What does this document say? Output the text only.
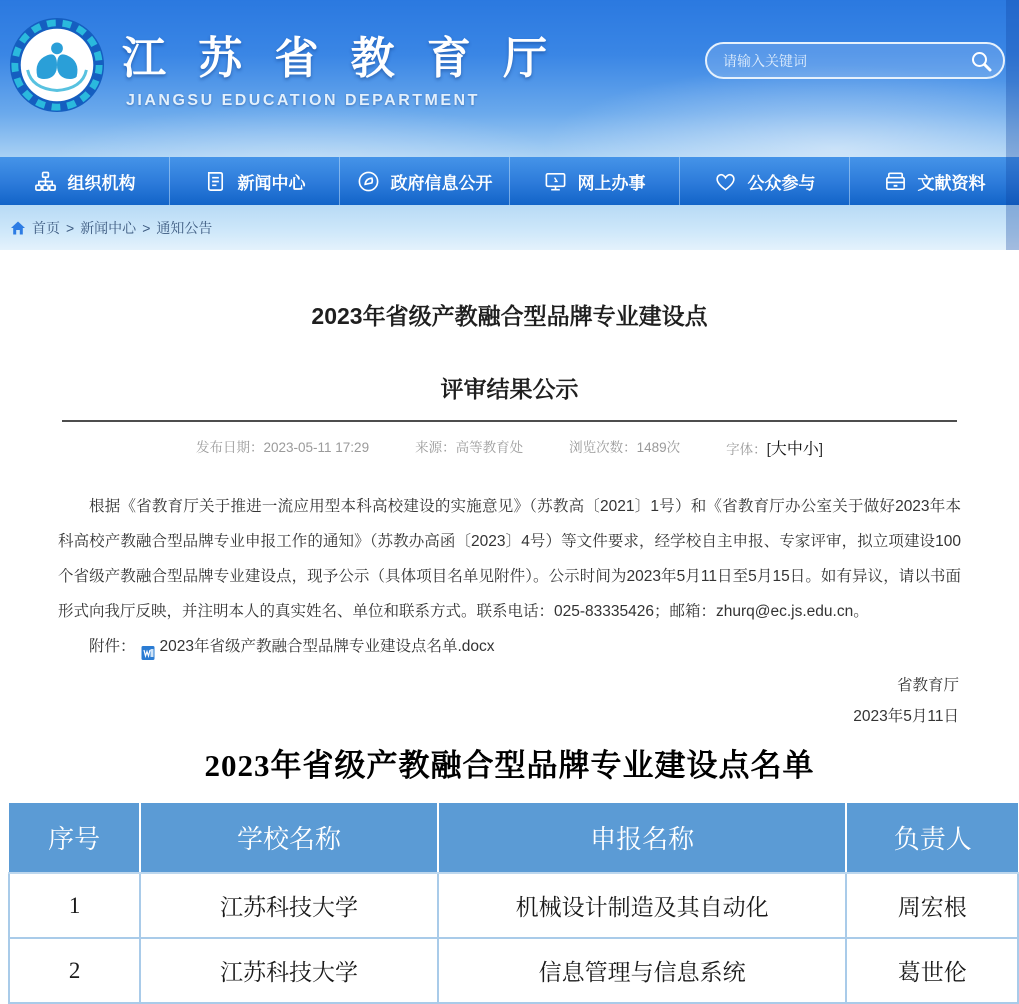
江 苏 省 教 育 厅
JIANGSU EDUCATION DEPARTMENT
请输入关键词
组织机构	新闻中心	政府信息公开	网上办事	公众参与	文献资料
首页 > 新闻中心 > 通知公告
2023年省级产教融合型品牌专业建设点
评审结果公示
发布日期：2023-05-11 17:29	来源：高等教育处	浏览次数：1489次	字体：[大中小]

根据《省教育厅关于推进一流应用型本科高校建设的实施意见》（苏教高〔2021〕1号）和《省教育厅办公室关于做好2023年本科高校产教融合型品牌专业申报工作的通知》（苏教办高函〔2023〕4号）等文件要求，经学校自主申报、专家评审，拟立项建设100个省级产教融合型品牌专业建设点，现予公示（具体项目名单见附件）。公示时间为2023年5月11日至5月15日。如有异议，请以书面形式向我厅反映，并注明本人的真实姓名、单位和联系方式。联系电话：025-83335426；邮箱：zhurq@ec.js.edu.cn。

附件： 2023年省级产教融合型品牌专业建设点名单.docx
省教育厅
2023年5月11日
2023年省级产教融合型品牌专业建设点名单
序号	学校名称	申报名称	负责人
1	江苏科技大学	机械设计制造及其自动化	周宏根
2	江苏科技大学	信息管理与信息系统	葛世伦
